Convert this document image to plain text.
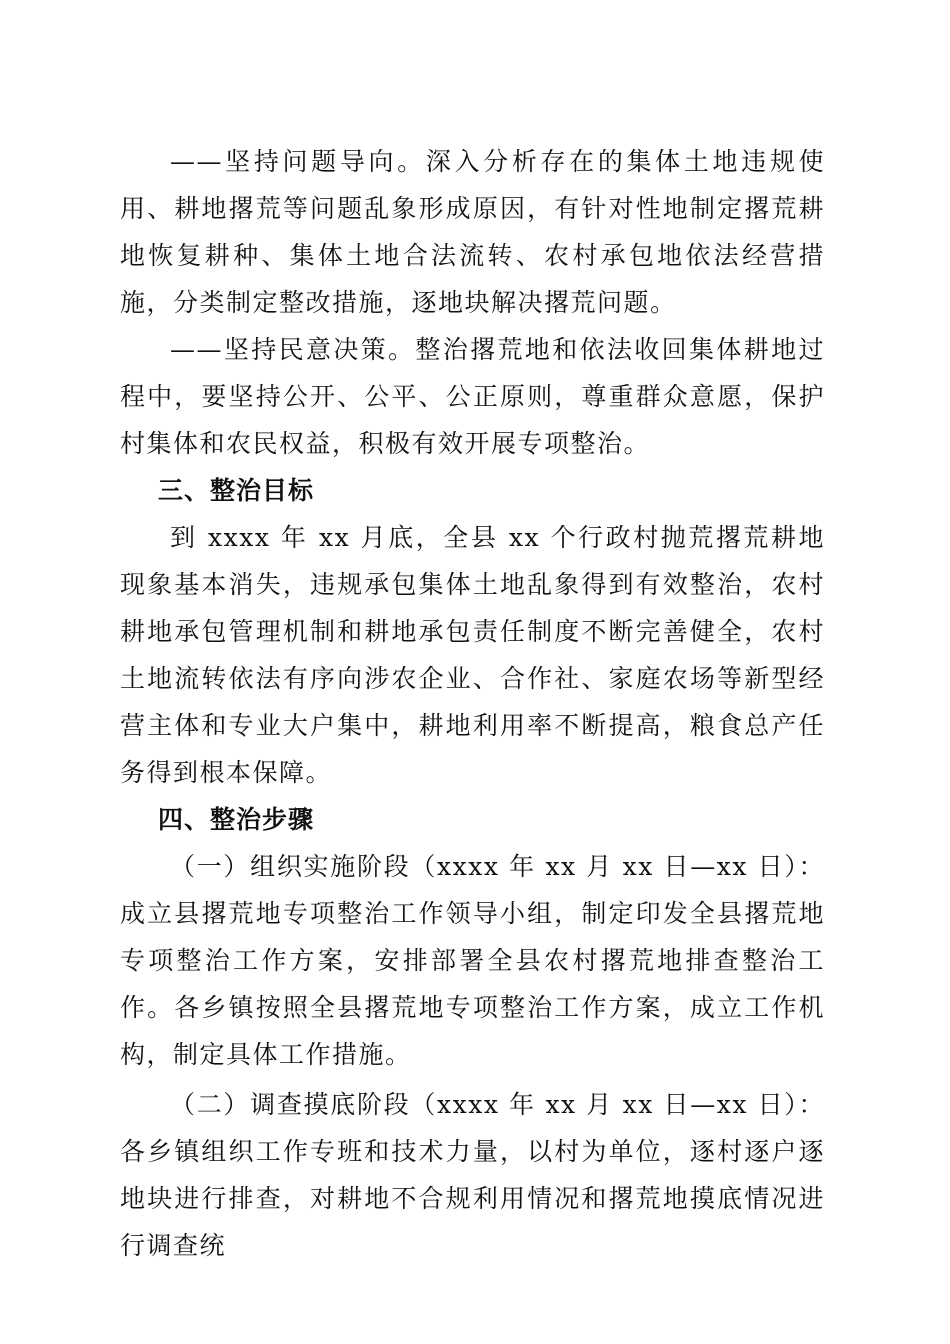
——坚持问题导向。深入分析存在的集体土地违规使用、耕地撂荒等问题乱象形成原因，有针对性地制定撂荒耕地恢复耕种、集体土地合法流转、农村承包地依法经营措施，分类制定整改措施，逐地块解决撂荒问题。

——坚持民意决策。整治撂荒地和依法收回集体耕地过程中，要坚持公开、公平、公正原则，尊重群众意愿，保护村集体和农民权益，积极有效开展专项整治。

三、整治目标

到 xxxx 年 xx 月底，全县 xx 个行政村抛荒撂荒耕地现象基本消失，违规承包集体土地乱象得到有效整治，农村耕地承包管理机制和耕地承包责任制度不断完善健全，农村土地流转依法有序向涉农企业、合作社、家庭农场等新型经营主体和专业大户集中，耕地利用率不断提高，粮食总产任务得到根本保障。

四、整治步骤

（一）组织实施阶段（xxxx 年 xx 月 xx 日—xx 日）：成立县撂荒地专项整治工作领导小组，制定印发全县撂荒地专项整治工作方案，安排部署全县农村撂荒地排查整治工作。各乡镇按照全县撂荒地专项整治工作方案，成立工作机构，制定具体工作措施。

（二）调查摸底阶段（xxxx 年 xx 月 xx 日—xx 日）：各乡镇组织工作专班和技术力量，以村为单位，逐村逐户逐地块进行排查，对耕地不合规利用情况和撂荒地摸底情况进行调查统
